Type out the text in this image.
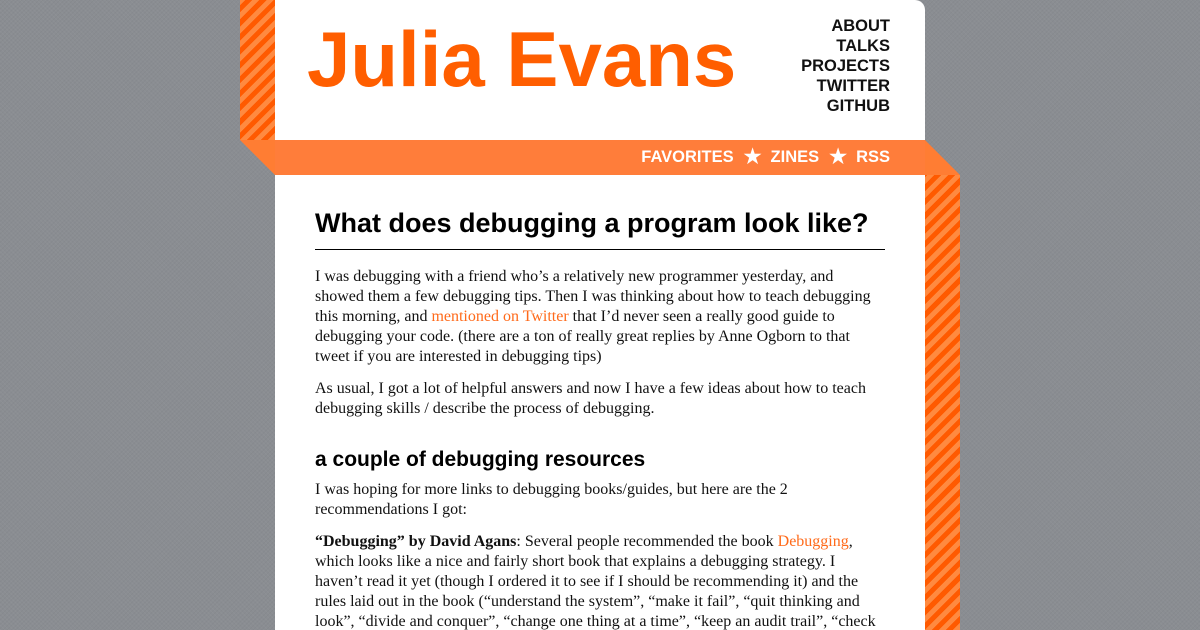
Julia Evans	ABOUT
TALKS
PROJECTS
TWITTER
GITHUB
FAVORITES ★ ZINES ★ RSS
What does debugging a program look like?

I was debugging with a friend who’s a relatively new programmer yesterday, and showed them a few debugging tips. Then I was thinking about how to teach debugging this morning, and mentioned on Twitter that I’d never seen a really good guide to debugging your code. (there are a ton of really great replies by Anne Ogborn to that tweet if you are interested in debugging tips)

As usual, I got a lot of helpful answers and now I have a few ideas about how to teach debugging skills / describe the process of debugging.

a couple of debugging resources

I was hoping for more links to debugging books/guides, but here are the 2 recommendations I got:

“Debugging” by David Agans: Several people recommended the book Debugging, which looks like a nice and fairly short book that explains a debugging strategy. I haven’t read it yet (though I ordered it to see if I should be recommending it) and the rules laid out in the book (“understand the system”, “make it fail”, “quit thinking and look”, “divide and conquer”, “change one thing at a time”, “keep an audit trail”, “check
